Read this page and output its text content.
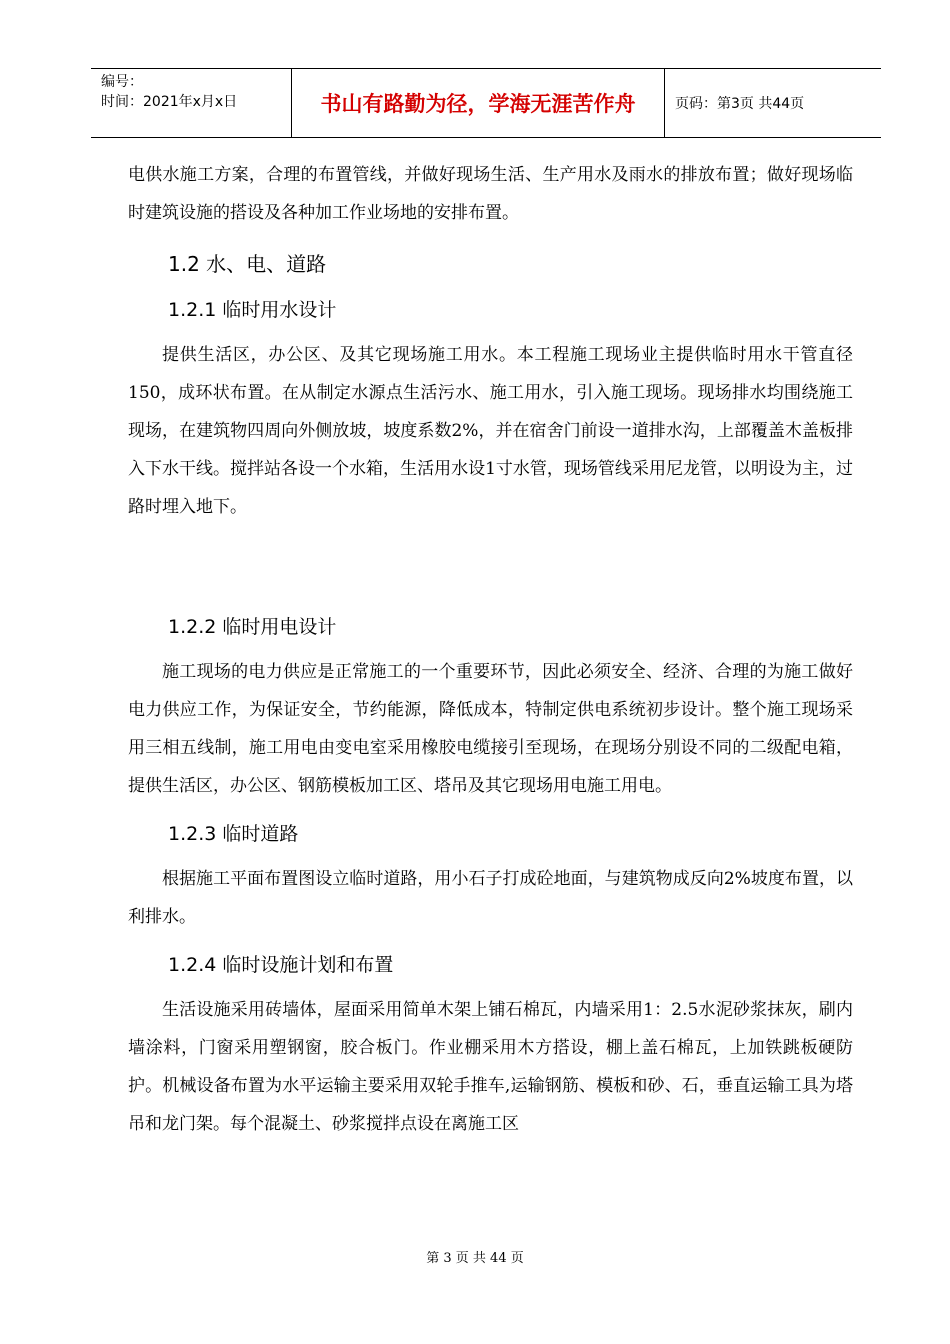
编号：
时间：2021年x月x日	书山有路勤为径，学海无涯苦作舟	页码：第3页 共44页

电供水施工方案，合理的布置管线，并做好现场生活、生产用水及雨水的排放布置；做好现场临时建筑设施的搭设及各种加工作业场地的安排布置。

1.2 水、电、道路
1.2.1 临时用水设计

提供生活区，办公区、及其它现场施工用水。本工程施工现场业主提供临时用水干管直径150，成环状布置。在从制定水源点生活污水、施工用水，引入施工现场。现场排水均围绕施工现场，在建筑物四周向外侧放坡，坡度系数2%，并在宿舍门前设一道排水沟，上部覆盖木盖板排入下水干线。搅拌站各设一个水箱，生活用水设1寸水管，现场管线采用尼龙管，以明设为主，过路时埋入地下。

1.2.2 临时用电设计

施工现场的电力供应是正常施工的一个重要环节，因此必须安全、经济、合理的为施工做好电力供应工作，为保证安全，节约能源，降低成本，特制定供电系统初步设计。整个施工现场采用三相五线制，施工用电由变电室采用橡胶电缆接引至现场，在现场分别设不同的二级配电箱，提供生活区，办公区、钢筋模板加工区、塔吊及其它现场用电施工用电。

1.2.3 临时道路

根据施工平面布置图设立临时道路，用小石子打成砼地面，与建筑物成反向2%坡度布置，以利排水。

1.2.4 临时设施计划和布置

生活设施采用砖墙体，屋面采用简单木架上铺石棉瓦，内墙采用1：2.5水泥砂浆抹灰，刷内墙涂料，门窗采用塑钢窗，胶合板门。作业棚采用木方搭设，棚上盖石棉瓦，上加铁跳板硬防护。机械设备布置为水平运输主要采用双轮手推车,运输钢筋、模板和砂、石，垂直运输工具为塔吊和龙门架。每个混凝土、砂浆搅拌点设在离施工区

第 3 页 共 44 页
